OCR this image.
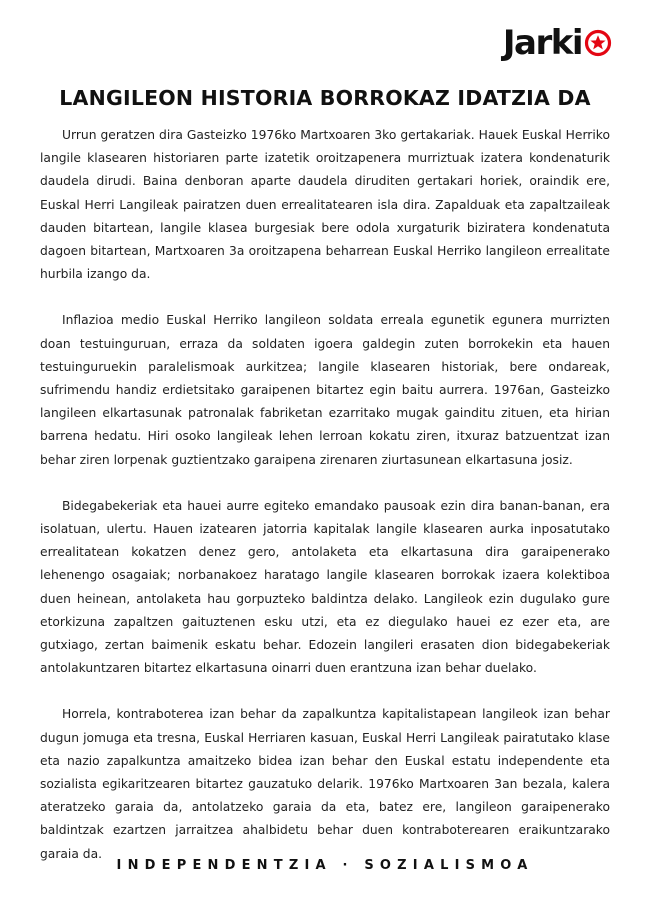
Jarki
LANGILEON HISTORIA BORROKAZ IDATZIA DA

Urrun geratzen dira Gasteizko 1976ko Martxoaren 3ko gertakariak. Hauek Euskal Herriko langile klasearen historiaren parte izatetik oroitzapenera murriztuak izatera kondenaturik daudela dirudi. Baina denboran aparte daudela diruditen gertakari horiek, oraindik ere, Euskal Herri Langileak pairatzen duen errealitatearen isla dira. Zapalduak eta zapaltzaileak dauden bitartean, langile klasea burgesiak bere odola xurgaturik biziratera kondenatuta dagoen bitartean, Martxoaren 3a oroitzapena beharrean Euskal Herriko langileon errealitate hurbila izango da.

Inflazioa medio Euskal Herriko langileon soldata erreala egunetik egunera murrizten doan testuinguruan, erraza da soldaten igoera galdegin zuten borrokekin eta hauen testuinguruekin paralelismoak aurkitzea; langile klasearen historiak, bere ondareak, sufrimendu handiz erdietsitako garaipenen bitartez egin baitu aurrera. 1976an, Gasteizko langileen elkartasunak patronalak fabriketan ezarritako mugak gainditu zituen, eta hirian barrena hedatu. Hiri osoko langileak lehen lerroan kokatu ziren, itxuraz batzuentzat izan behar ziren lorpenak guztientzako garaipena zirenaren ziurtasunean elkartasuna josiz.

Bidegabekeriak eta hauei aurre egiteko emandako pausoak ezin dira banan-banan, era isolatuan, ulertu. Hauen izatearen jatorria kapitalak langile klasearen aurka inposatutako errealitatean kokatzen denez gero, antolaketa eta elkartasuna dira garaipenerako lehenengo osagaiak; norbanakoez haratago langile klasearen borrokak izaera kolektiboa duen heinean, antolaketa hau gorpuzteko baldintza delako. Langileok ezin dugulako gure etorkizuna zapaltzen gaituztenen esku utzi, eta ez diegulako hauei ez ezer eta, are gutxiago, zertan baimenik eskatu behar. Edozein langileri erasaten dion bidegabekeriak antolakuntzaren bitartez elkartasuna oinarri duen erantzuna izan behar duelako.

Horrela, kontraboterea izan behar da zapalkuntza kapitalistapean langileok izan behar dugun jomuga eta tresna, Euskal Herriaren kasuan, Euskal Herri Langileak pairatutako klase eta nazio zapalkuntza amaitzeko bidea izan behar den Euskal estatu independente eta sozialista egikaritzearen bitartez gauzatuko delarik. 1976ko Martxoaren 3an bezala, kalera ateratzeko garaia da, antolatzeko garaia da eta, batez ere, langileon garaipenerako baldintzak ezartzen jarraitzea ahalbidetu behar duen kontraboterearen eraikuntzarako garaia da.

INDEPENDENTZIA · SOZIALISMOA
